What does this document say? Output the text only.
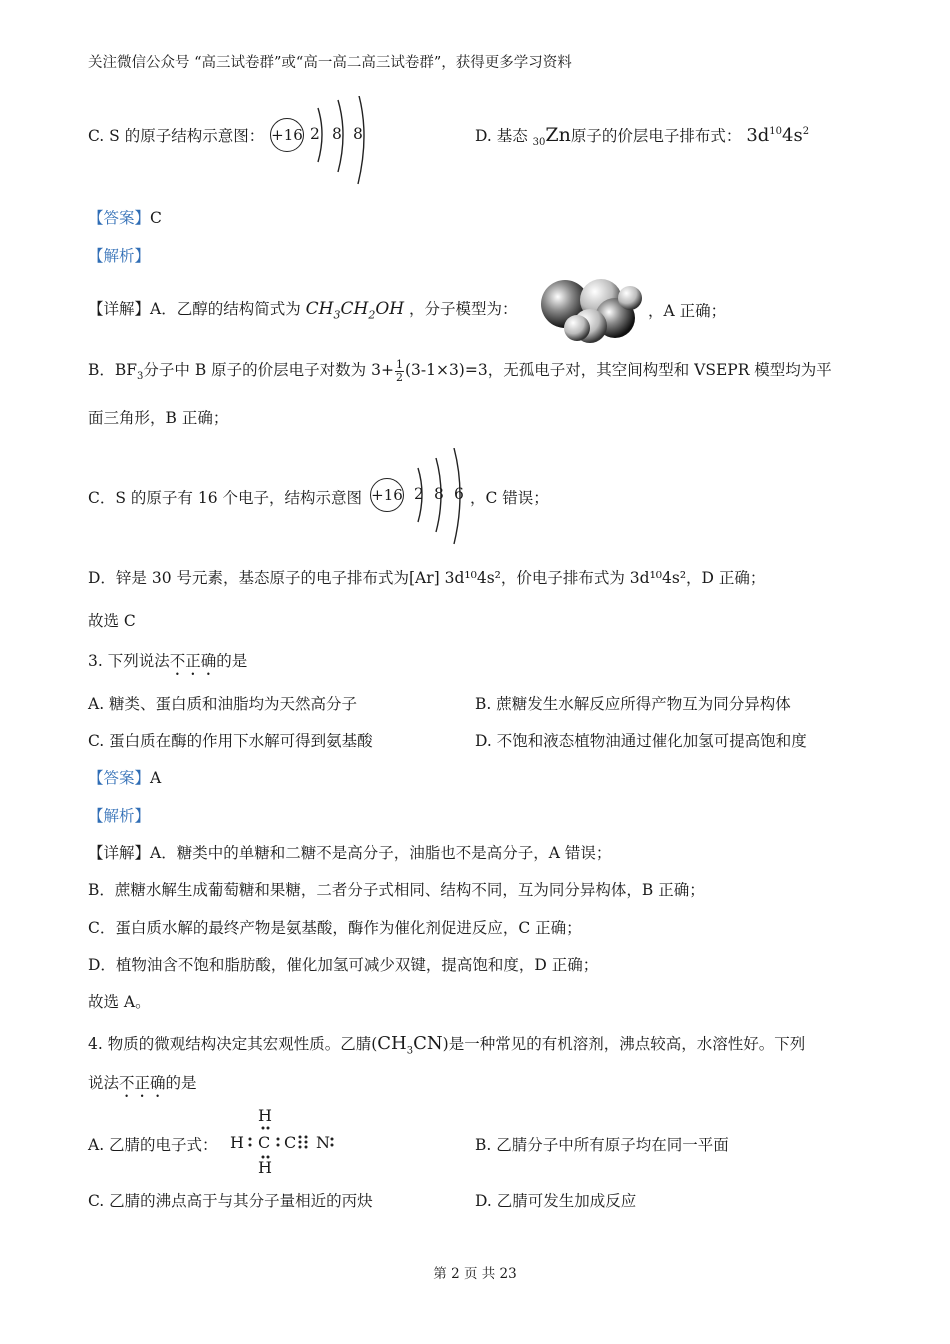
关注微信公众号 “高三试卷群”或“高一高二高三试卷群”，获得更多学习资料
C. S 的原子结构示意图： +16 2 8 8	D. 基态 $_{30}$Zn原子的价层电子排布式： $3d^{10}4s^2$
【答案】C
【解析】
【详解】A．乙醇的结构简式为 $CH_3CH_2OH$ ，分子模型为：	，A 正确；
B．$BF_3$分子中 B 原子的价层电子对数为 $3+ \frac{1}{2} (3-1\times 3)=3$，无孤电子对，其空间构型和 VSEPR 模型均为平
面三角形，B 正确；
C．S 的原子有 16 个电子，结构示意图 +16 2 8 6 ，C 错误；
D．锌是 30 号元素，基态原子的电子排布式为[Ar] 3d¹⁰4s²，价电子排布式为 3d¹⁰4s²，D 正确；
故选 C
3. 下列说法不正确的是
A. 糖类、蛋白质和油脂均为天然高分子	B. 蔗糖发生水解反应所得产物互为同分异构体
C. 蛋白质在酶的作用下水解可得到氨基酸	D. 不饱和液态植物油通过催化加氢可提高饱和度
【答案】A
【解析】
【详解】A．糖类中的单糖和二糖不是高分子，油脂也不是高分子，A 错误；
B．蔗糖水解生成葡萄糖和果糖，二者分子式相同、结构不同，互为同分异构体，B 正确；
C．蛋白质水解的最终产物是氨基酸，酶作为催化剂促进反应，C 正确；
D．植物油含不饱和脂肪酸，催化加氢可减少双键，提高饱和度，D 正确；
故选 A。
4. 物质的微观结构决定其宏观性质。乙腈$(CH_3CN)$是一种常见的有机溶剂，沸点较高，水溶性好。下列
说法不正确的是
A. 乙腈的电子式：
H
H C C N
H
B. 乙腈分子中所有原子均在同一平面
C. 乙腈的沸点高于与其分子量相近的丙炔	D. 乙腈可发生加成反应
第 2 页 共 23
